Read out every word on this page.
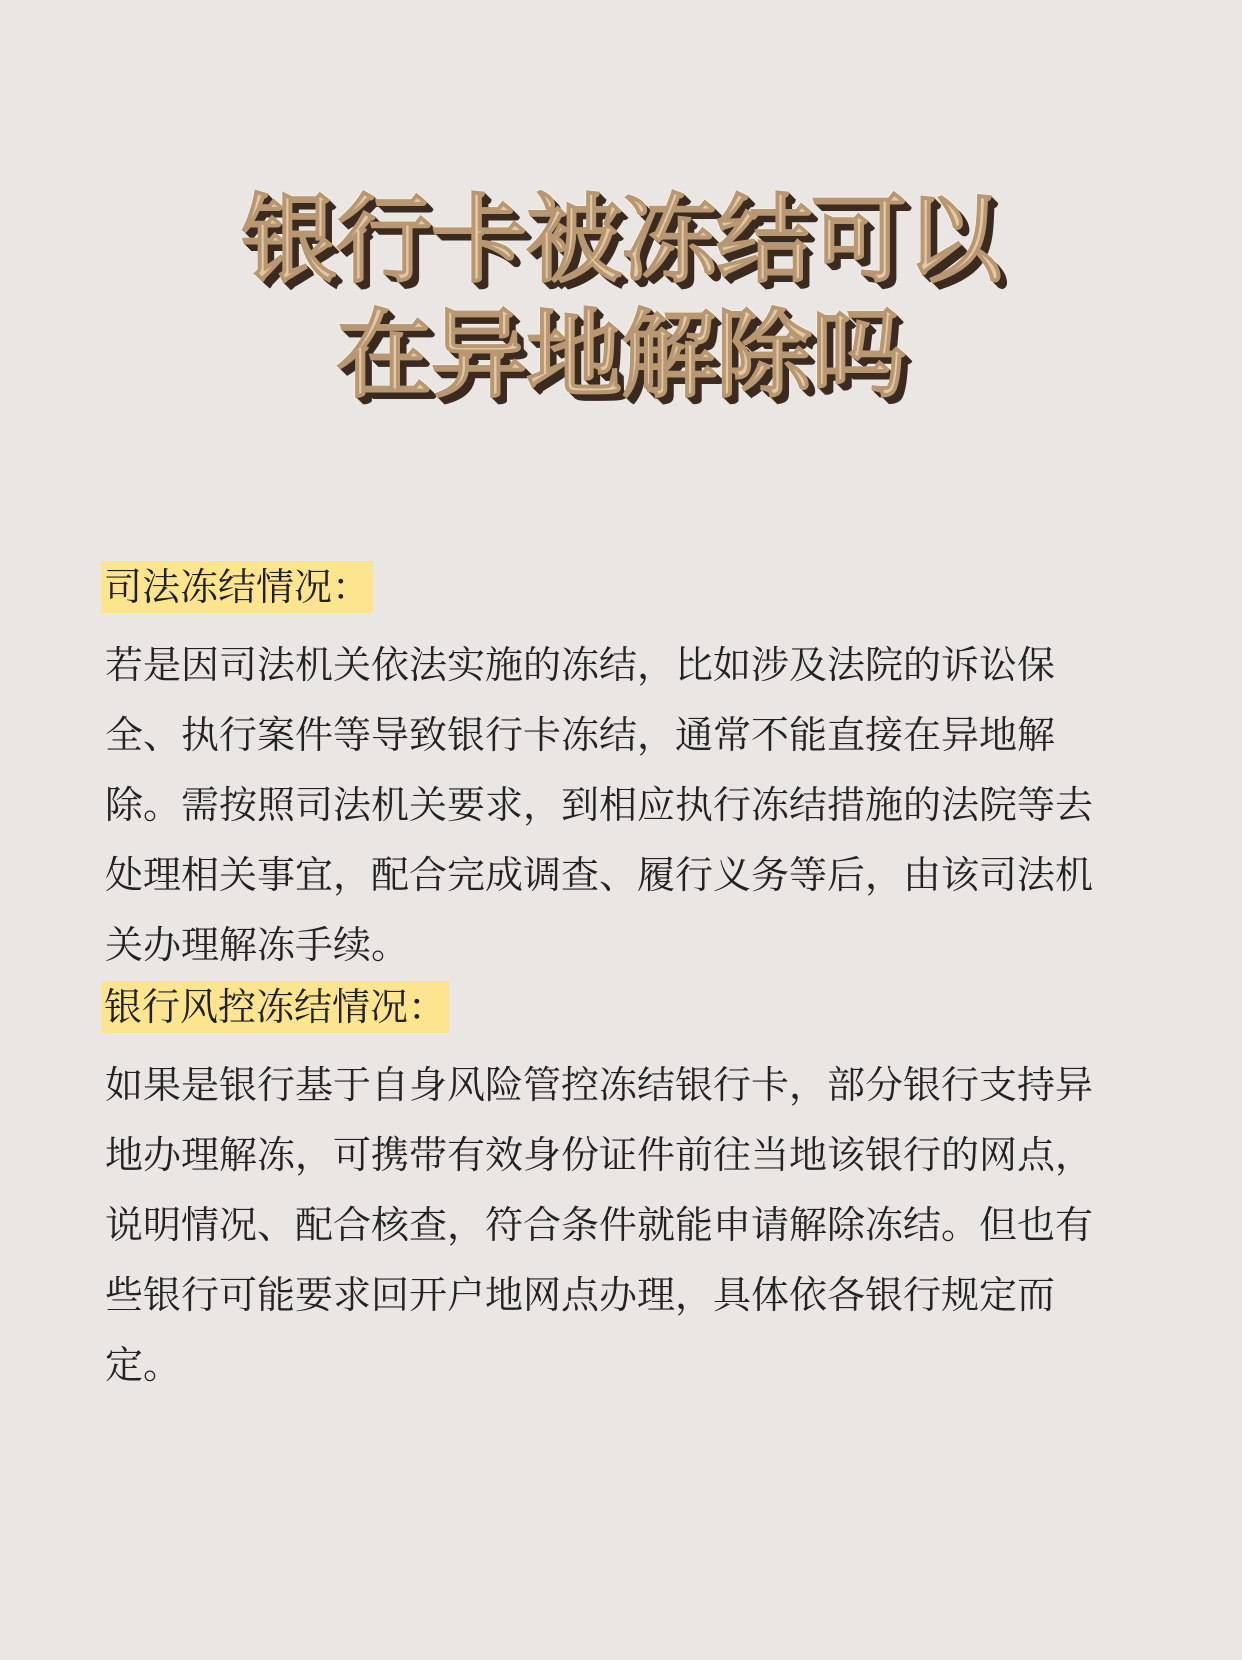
银行卡被冻结可以
在异地解除吗
司法冻结情况：

若是因司法机关依法实施的冻结，比如涉及法院的诉讼保
全、执行案件等导致银行卡冻结，通常不能直接在异地解
除。需按照司法机关要求，到相应执行冻结措施的法院等去
处理相关事宜，配合完成调查、履行义务等后，由该司法机
关办理解冻手续。

银行风控冻结情况：

如果是银行基于自身风险管控冻结银行卡，部分银行支持异
地办理解冻，可携带有效身份证件前往当地该银行的网点，
说明情况、配合核查，符合条件就能申请解除冻结。但也有
些银行可能要求回开户地网点办理，具体依各银行规定而
定。
